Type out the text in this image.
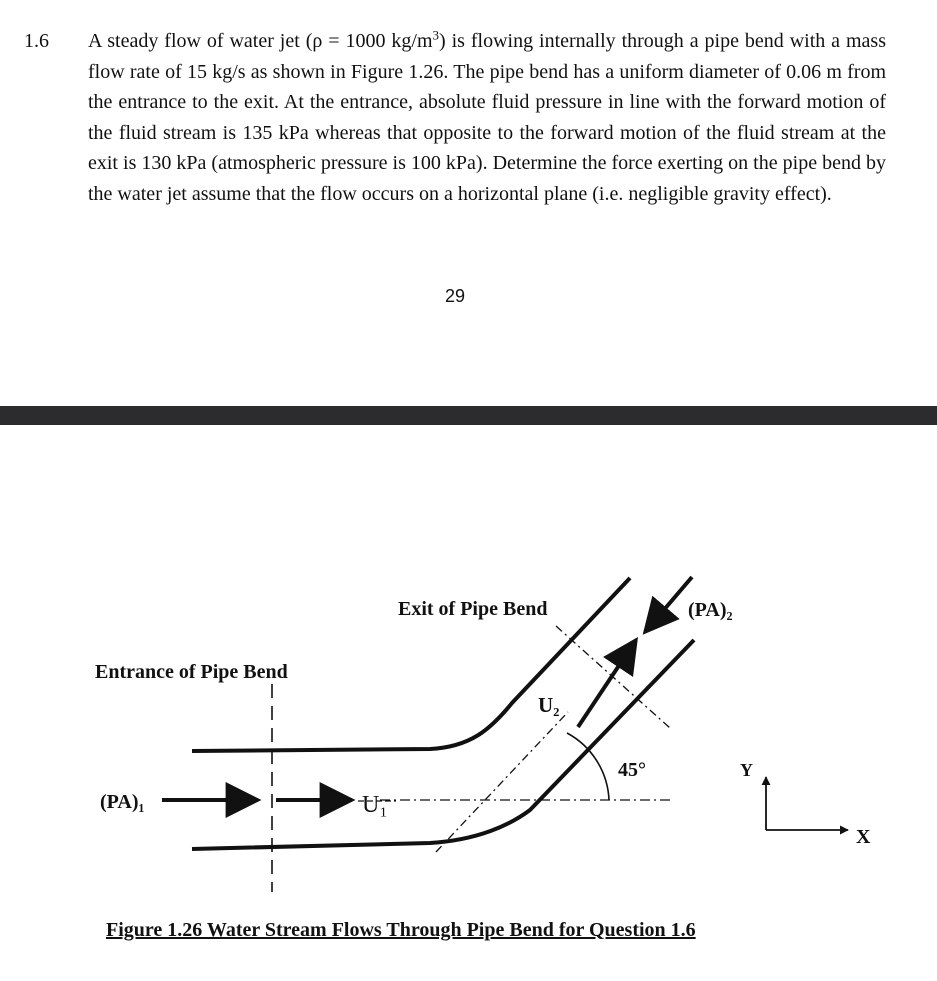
1.6 A steady flow of water jet (ρ = 1000 $kg/m^3$) is flowing internally through a pipe bend with a mass flow rate of 15 kg/s as shown in Figure 1.26. The pipe bend has a uniform diameter of 0.06 m from the entrance to the exit. At the entrance, absolute fluid pressure in line with the forward motion of the fluid stream is 135 kPa whereas that opposite to the forward motion of the fluid stream at the exit is 130 kPa (atmospheric pressure is 100 kPa). Determine the force exerting on the pipe bend by the water jet assume that the flow occurs on a horizontal plane (i.e. negligible gravity effect).

29
U₁
45°
Exit of Pipe Bend
Entrance of Pipe Bend
(PA)₁
(PA)₂
U₂
Y
X
Figure 1.26 Water Stream Flows Through Pipe Bend for Question 1.6
